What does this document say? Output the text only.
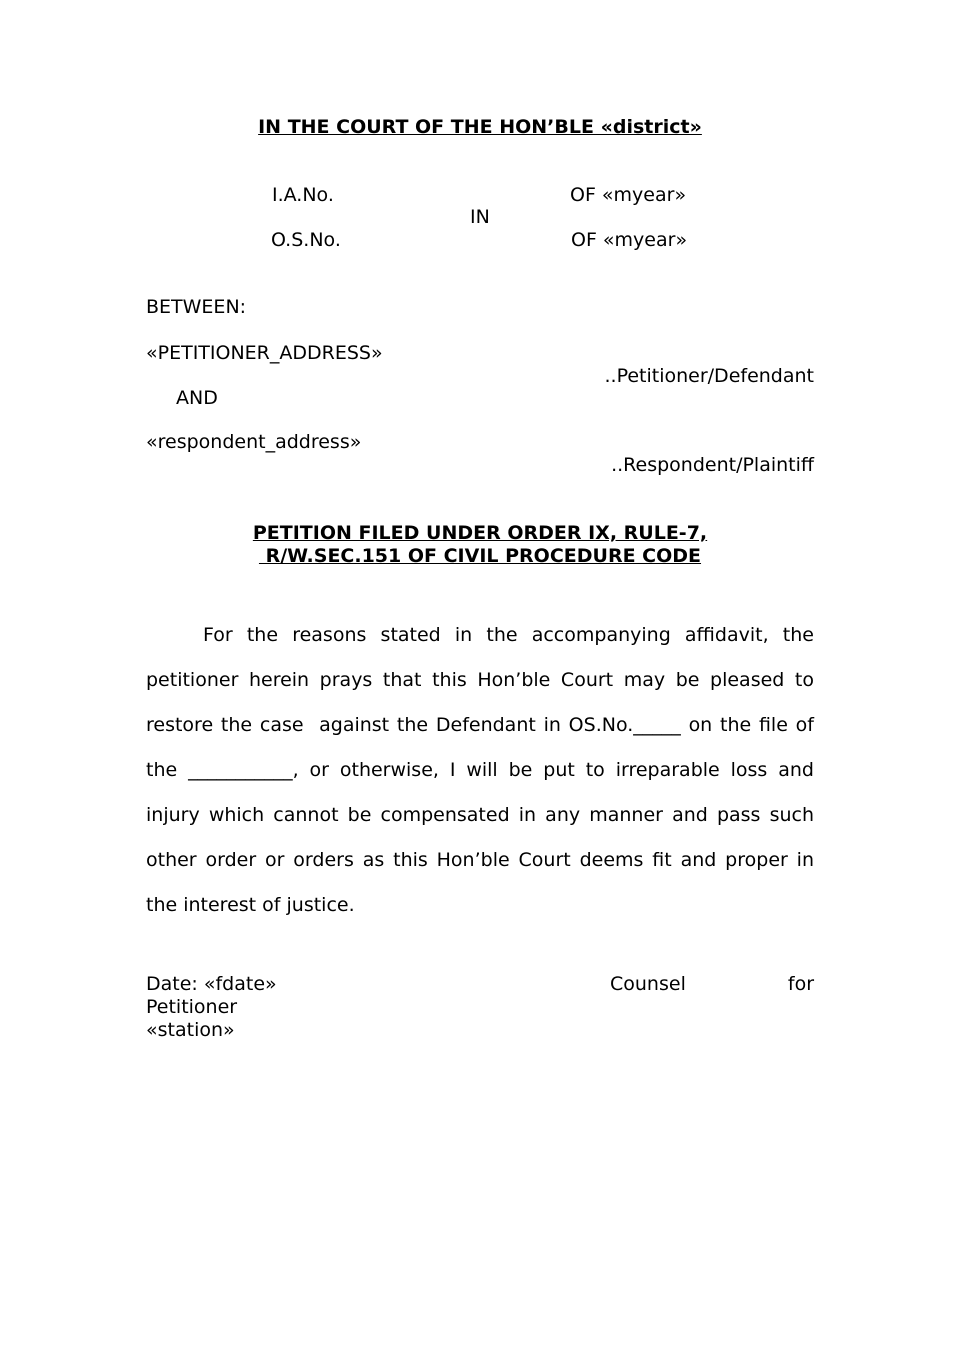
IN THE COURT OF THE HON’BLE «district»
I.A.No.	OF «myear»
IN
O.S.No.	OF «myear»
BETWEEN:
«PETITIONER_ADDRESS»
..Petitioner/Defendant
AND
«respondent_address»
..Respondent/Plaintiff
PETITION FILED UNDER ORDER IX, RULE-7,
R/W.SEC.151 OF CIVIL PROCEDURE CODE
For the reasons stated in the accompanying affidavit, the
petitioner herein prays that this Hon’ble Court may be pleased to
restore the case  against the Defendant in OS.No._____ on the file of
the ___________, or otherwise, I will be put to irreparable loss and
injury which cannot be compensated in any manner and pass such
other order or orders as this Hon’ble Court deems fit and proper in
the interest of justice.
Date: «fdate»	Counsel	for
Petitioner
«station»
